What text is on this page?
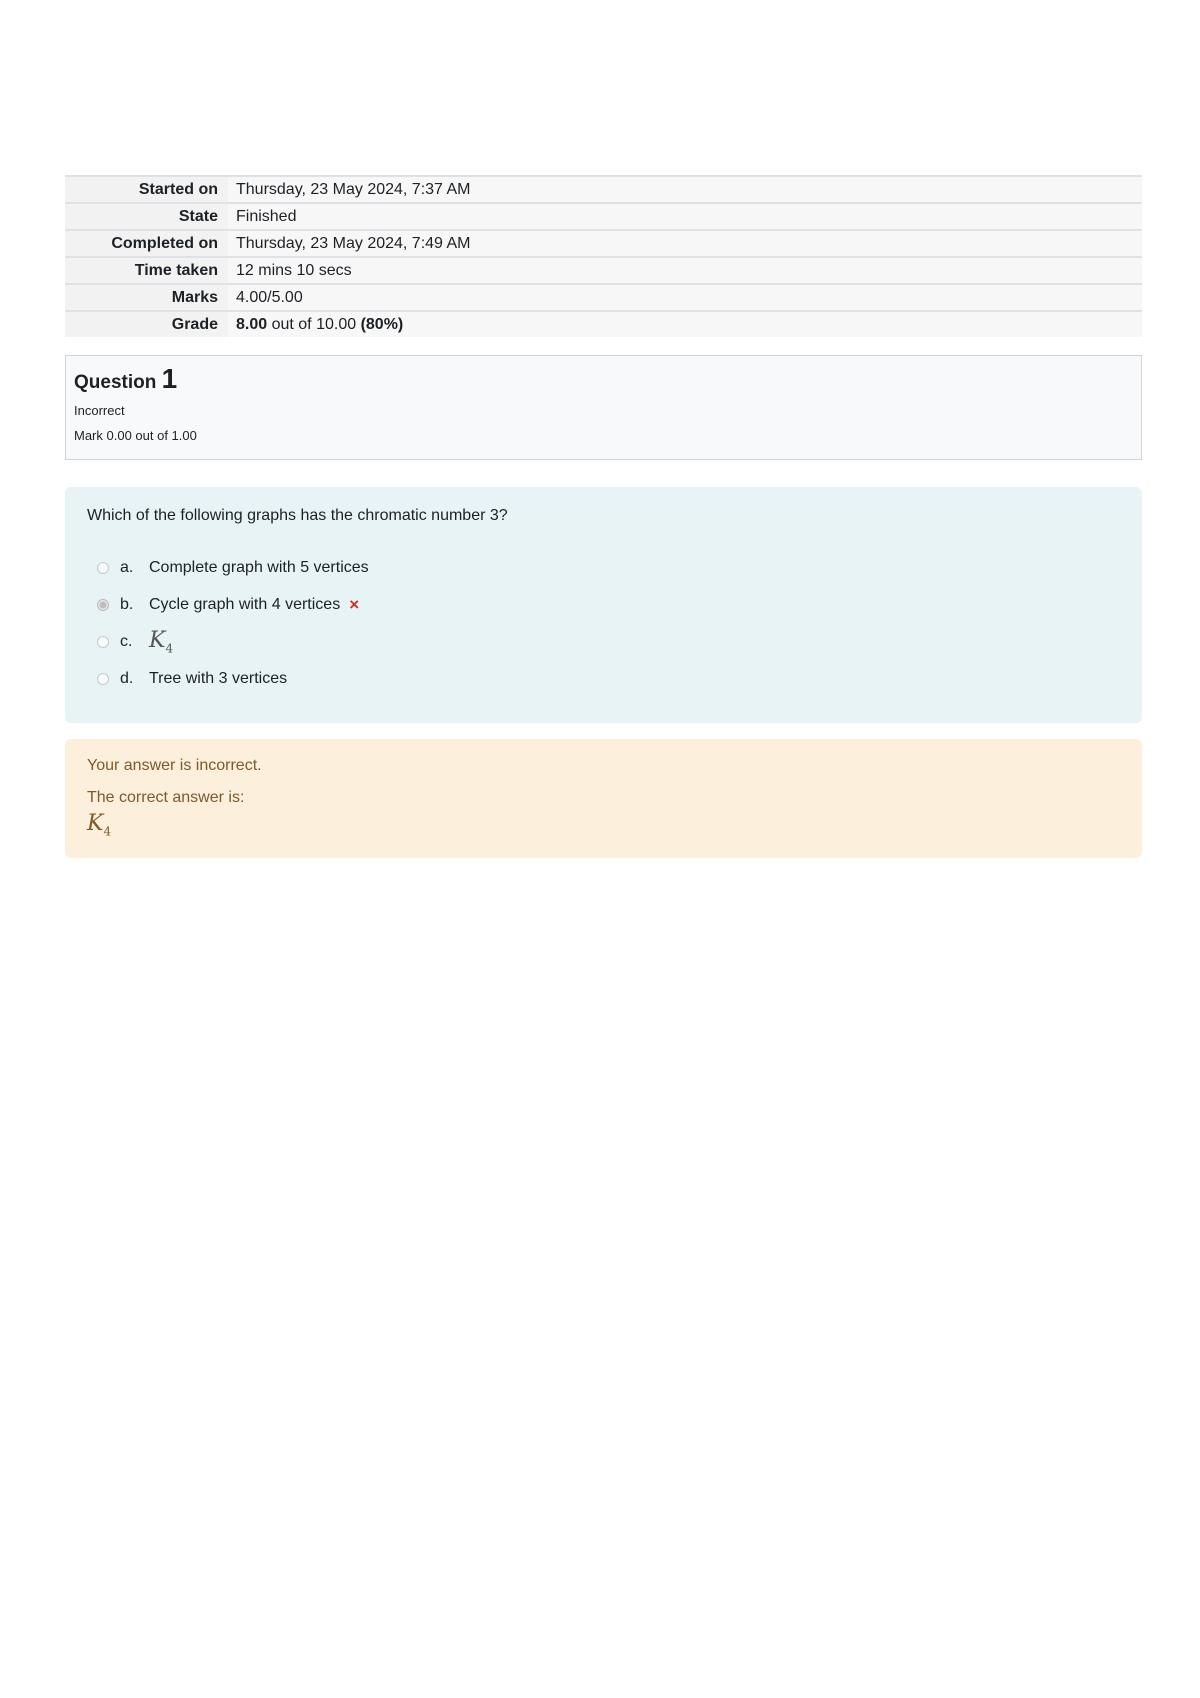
Started on	Thursday, 23 May 2024, 7:37 AM
State	Finished
Completed on	Thursday, 23 May 2024, 7:49 AM
Time taken	12 mins 10 secs
Marks	4.00/5.00
Grade	8.00 out of 10.00 (80%)
Question 1
Incorrect
Mark 0.00 out of 1.00
Which of the following graphs has the chromatic number 3?
a. Complete graph with 5 vertices
b. Cycle graph with 4 vertices ×
c. $K_4$
d. Tree with 3 vertices

Your answer is incorrect.

The correct answer is:

$K_4$
